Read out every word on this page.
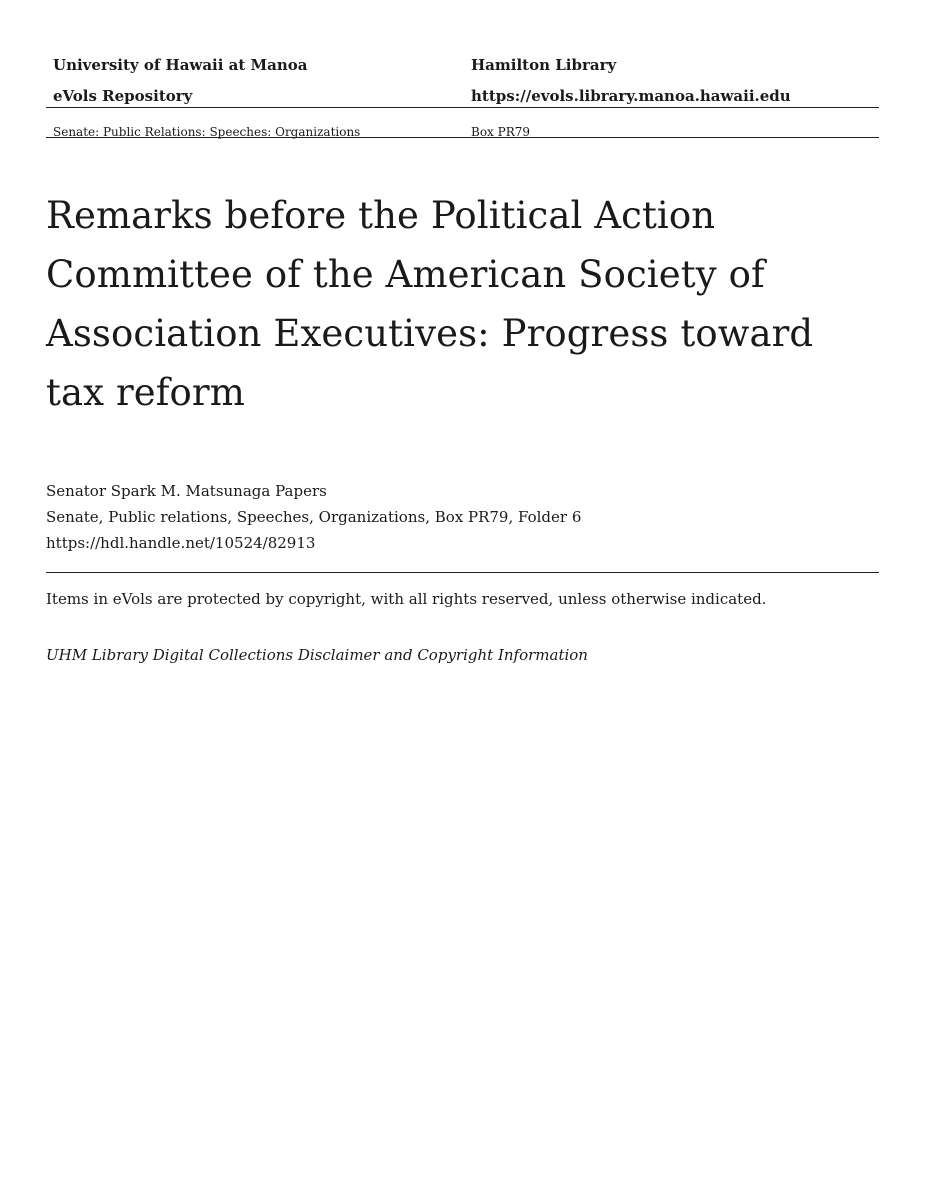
University of Hawaii at Manoa	Hamilton Library
eVols Repository	https://evols.library.manoa.hawaii.edu
Senate: Public Relations: Speeches: Organizations	Box PR79
Remarks before the Political Action Committee of the American Society of Association Executives: Progress toward tax reform
Senator Spark M. Matsunaga Papers
Senate, Public relations, Speeches, Organizations, Box PR79, Folder 6
https://hdl.handle.net/10524/82913
Items in eVols are protected by copyright, with all rights reserved, unless otherwise indicated.
UHM Library Digital Collections Disclaimer and Copyright Information
